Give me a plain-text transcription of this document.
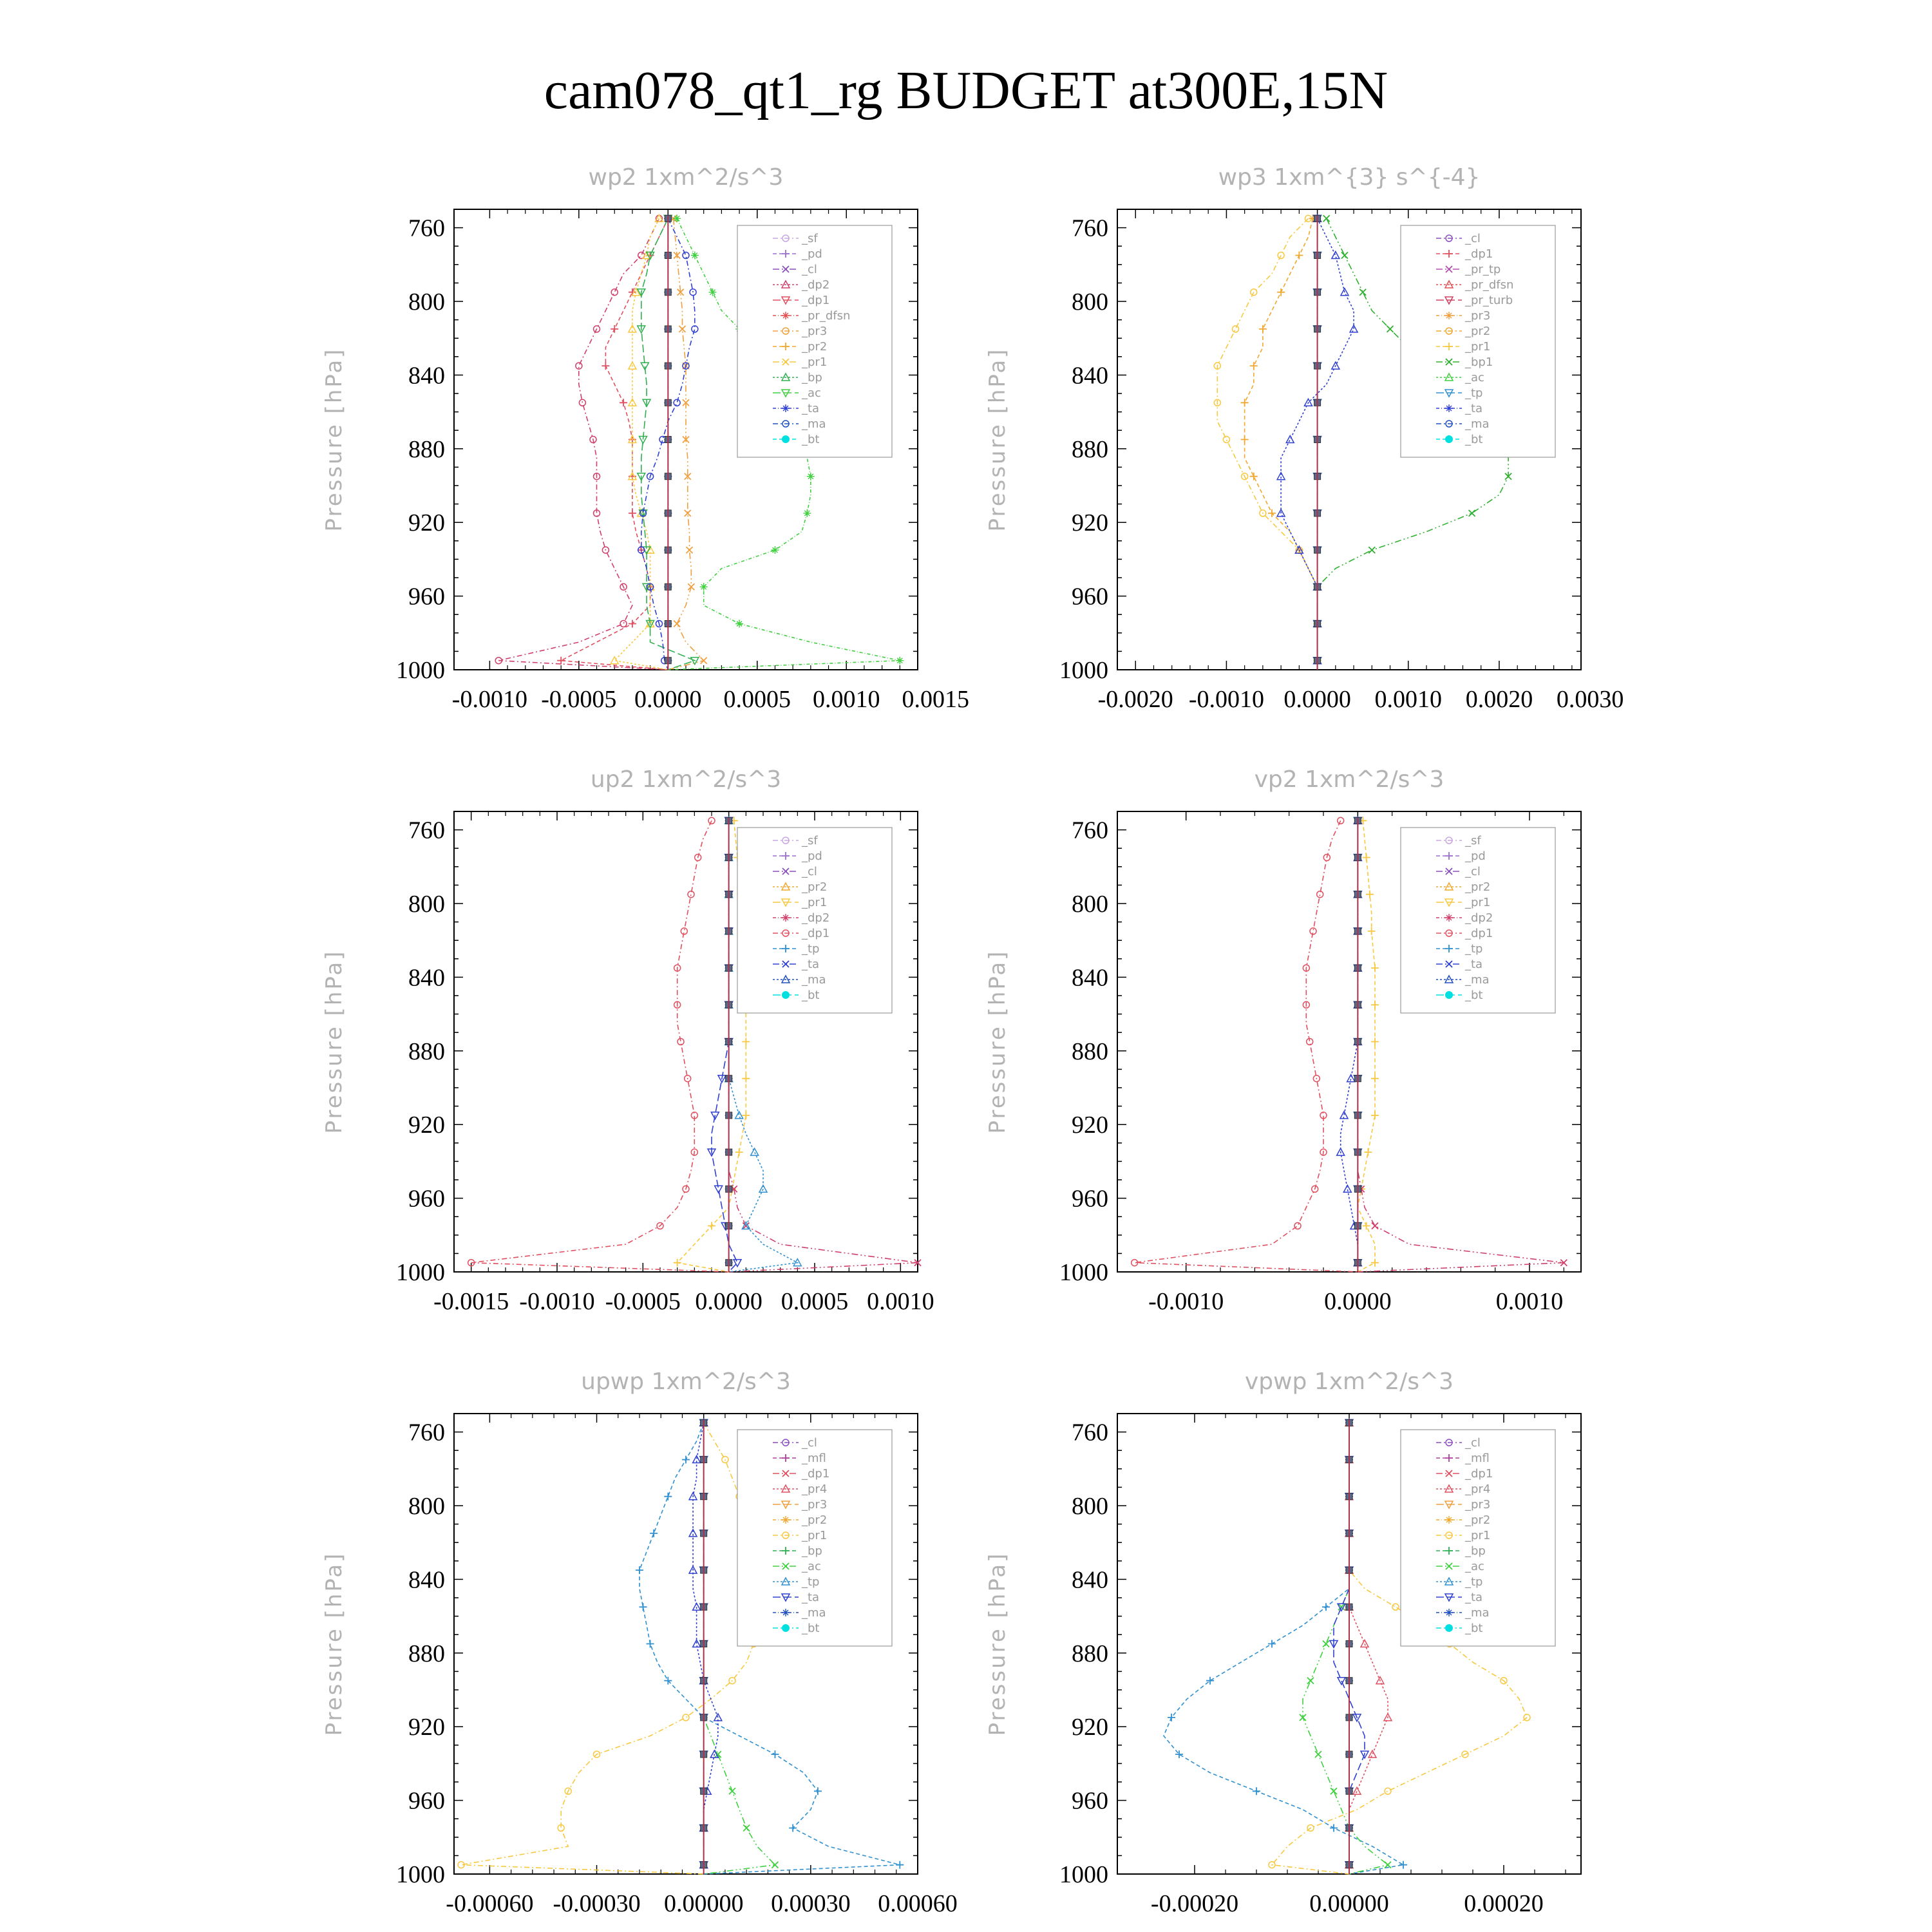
cam078_qt1_rg BUDGET at300E,15N
wp2 1xm^2/s^3
Pressure [hPa]
760
800
840
880
920
960
1000
-0.0010 -0.0005 0.0000 0.0005 0.0010 0.0015
_sf
_pd
_cl
_dp2
_dp1
_pr_dfsn
_pr3
_pr2
_pr1
_bp
_ac
_ta
_ma
_bt
wp3 1xm^{3} s^{-4}
Pressure [hPa]
760
800
840
880
920
960
1000
-0.0020 -0.0010 0.0000 0.0010 0.0020 0.0030
_cl
_dp1
_pr_tp
_pr_dfsn
_pr_turb
_pr3
_pr2
_pr1
_bp1
_ac
_tp
_ta
_ma
_bt
up2 1xm^2/s^3
Pressure [hPa]
760
800
840
880
920
960
1000
-0.0015 -0.0010 -0.0005 0.0000 0.0005 0.0010
_sf
_pd
_cl
_pr2
_pr1
_dp2
_dp1
_tp
_ta
_ma
_bt
vp2 1xm^2/s^3
Pressure [hPa]
760
800
840
880
920
960
1000
-0.0010	0.0000	0.0010
_sf
_pd
_cl
_pr2
_pr1
_dp2
_dp1
_tp
_ta
_ma
_bt
upwp 1xm^2/s^3
Pressure [hPa]
760
800
840
880
920
960
1000
-0.00060 -0.00030 0.00000 0.00030 0.00060
_cl
_mfl
_dp1
_pr4
_pr3
_pr2
_pr1
_bp
_ac
_tp
_ta
_ma
_bt
vpwp 1xm^2/s^3
Pressure [hPa]
760
800
840
880
920
960
1000
-0.00020	0.00000	0.00020
_cl
_mfl
_dp1
_pr4
_pr3
_pr2
_pr1
_bp
_ac
_tp
_ta
_ma
_bt
